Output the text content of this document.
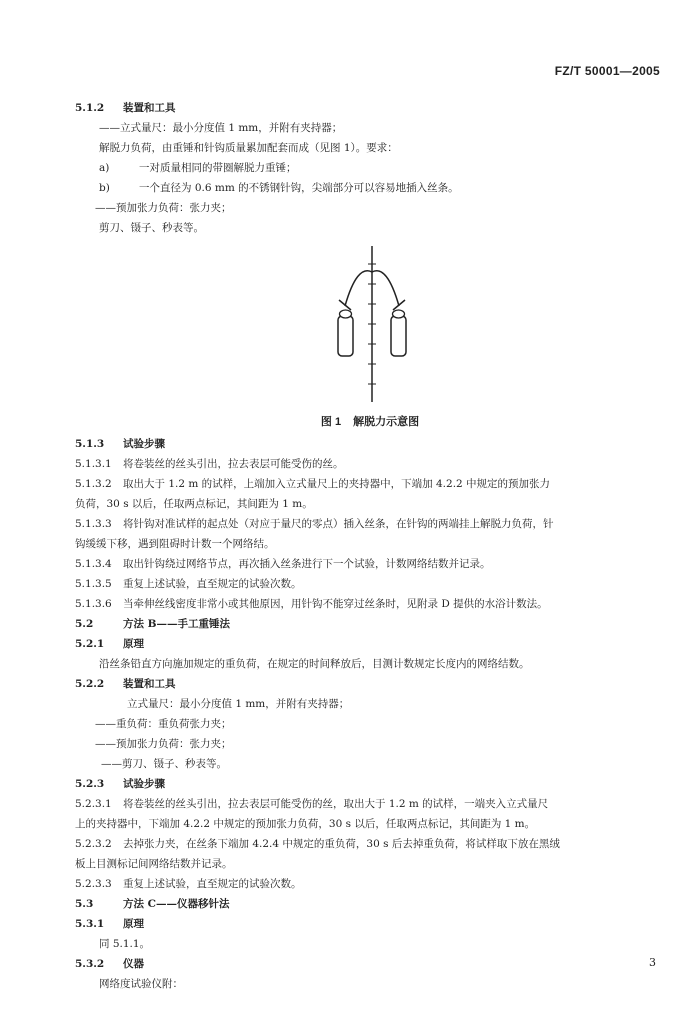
FZ/T 50001—2005
5.1.2 装置和工具
——立式量尺：最小分度值 1 mm，并附有夹持器；
解脱力负荷，由重锤和针钩质量累加配套而成（见图 1）。要求：
a)	一对质量相同的带圈解脱力重锤；
b)	一个直径为 0.6 mm 的不锈钢针钩，尖端部分可以容易地插入丝条。
——预加张力负荷：张力夹；
剪刀、镊子、秒表等。
图 1 解脱力示意图
5.1.3 试验步骤
5.1.3.1 将卷装丝的丝头引出，拉去表层可能受伤的丝。
5.1.3.2 取出大于 1.2 m 的试样，上端加入立式量尺上的夹持器中，下端加 4.2.2 中规定的预加张力
负荷，30 s 以后，任取两点标记，其间距为 1 m。
5.1.3.3 将针钩对准试样的起点处（对应于量尺的零点）插入丝条，在针钩的两端挂上解脱力负荷，针
钩缓缓下移，遇到阻碍时计数一个网络结。
5.1.3.4 取出针钩绕过网络节点，再次插入丝条进行下一个试验，计数网络结数并记录。
5.1.3.5 重复上述试验，直至规定的试验次数。
5.1.3.6 当牵伸丝线密度非常小或其他原因，用针钩不能穿过丝条时，见附录 D 提供的水浴计数法。
5.2	方法 B——手工重锤法
5.2.1 原理
沿丝条铅直方向施加规定的重负荷，在规定的时间释放后，目测计数规定长度内的网络结数。
5.2.2 装置和工具
立式量尺：最小分度值 1 mm，并附有夹持器；
——重负荷：重负荷张力夹；
——预加张力负荷：张力夹；
——剪刀、镊子、秒表等。
5.2.3 试验步骤
5.2.3.1 将卷装丝的丝头引出，拉去表层可能受伤的丝，取出大于 1.2 m 的试样，一端夹入立式量尺
上的夹持器中，下端加 4.2.2 中规定的预加张力负荷，30 s 以后，任取两点标记，其间距为 1 m。
5.2.3.2 去掉张力夹，在丝条下端加 4.2.4 中规定的重负荷，30 s 后去掉重负荷，将试样取下放在黑绒
板上目测标记间网络结数并记录。
5.2.3.3 重复上述试验，直至规定的试验次数。
5.3	方法 C——仪器移针法
5.3.1 原理
同 5.1.1。
5.3.2 仪器
网络度试验仪附：
3
